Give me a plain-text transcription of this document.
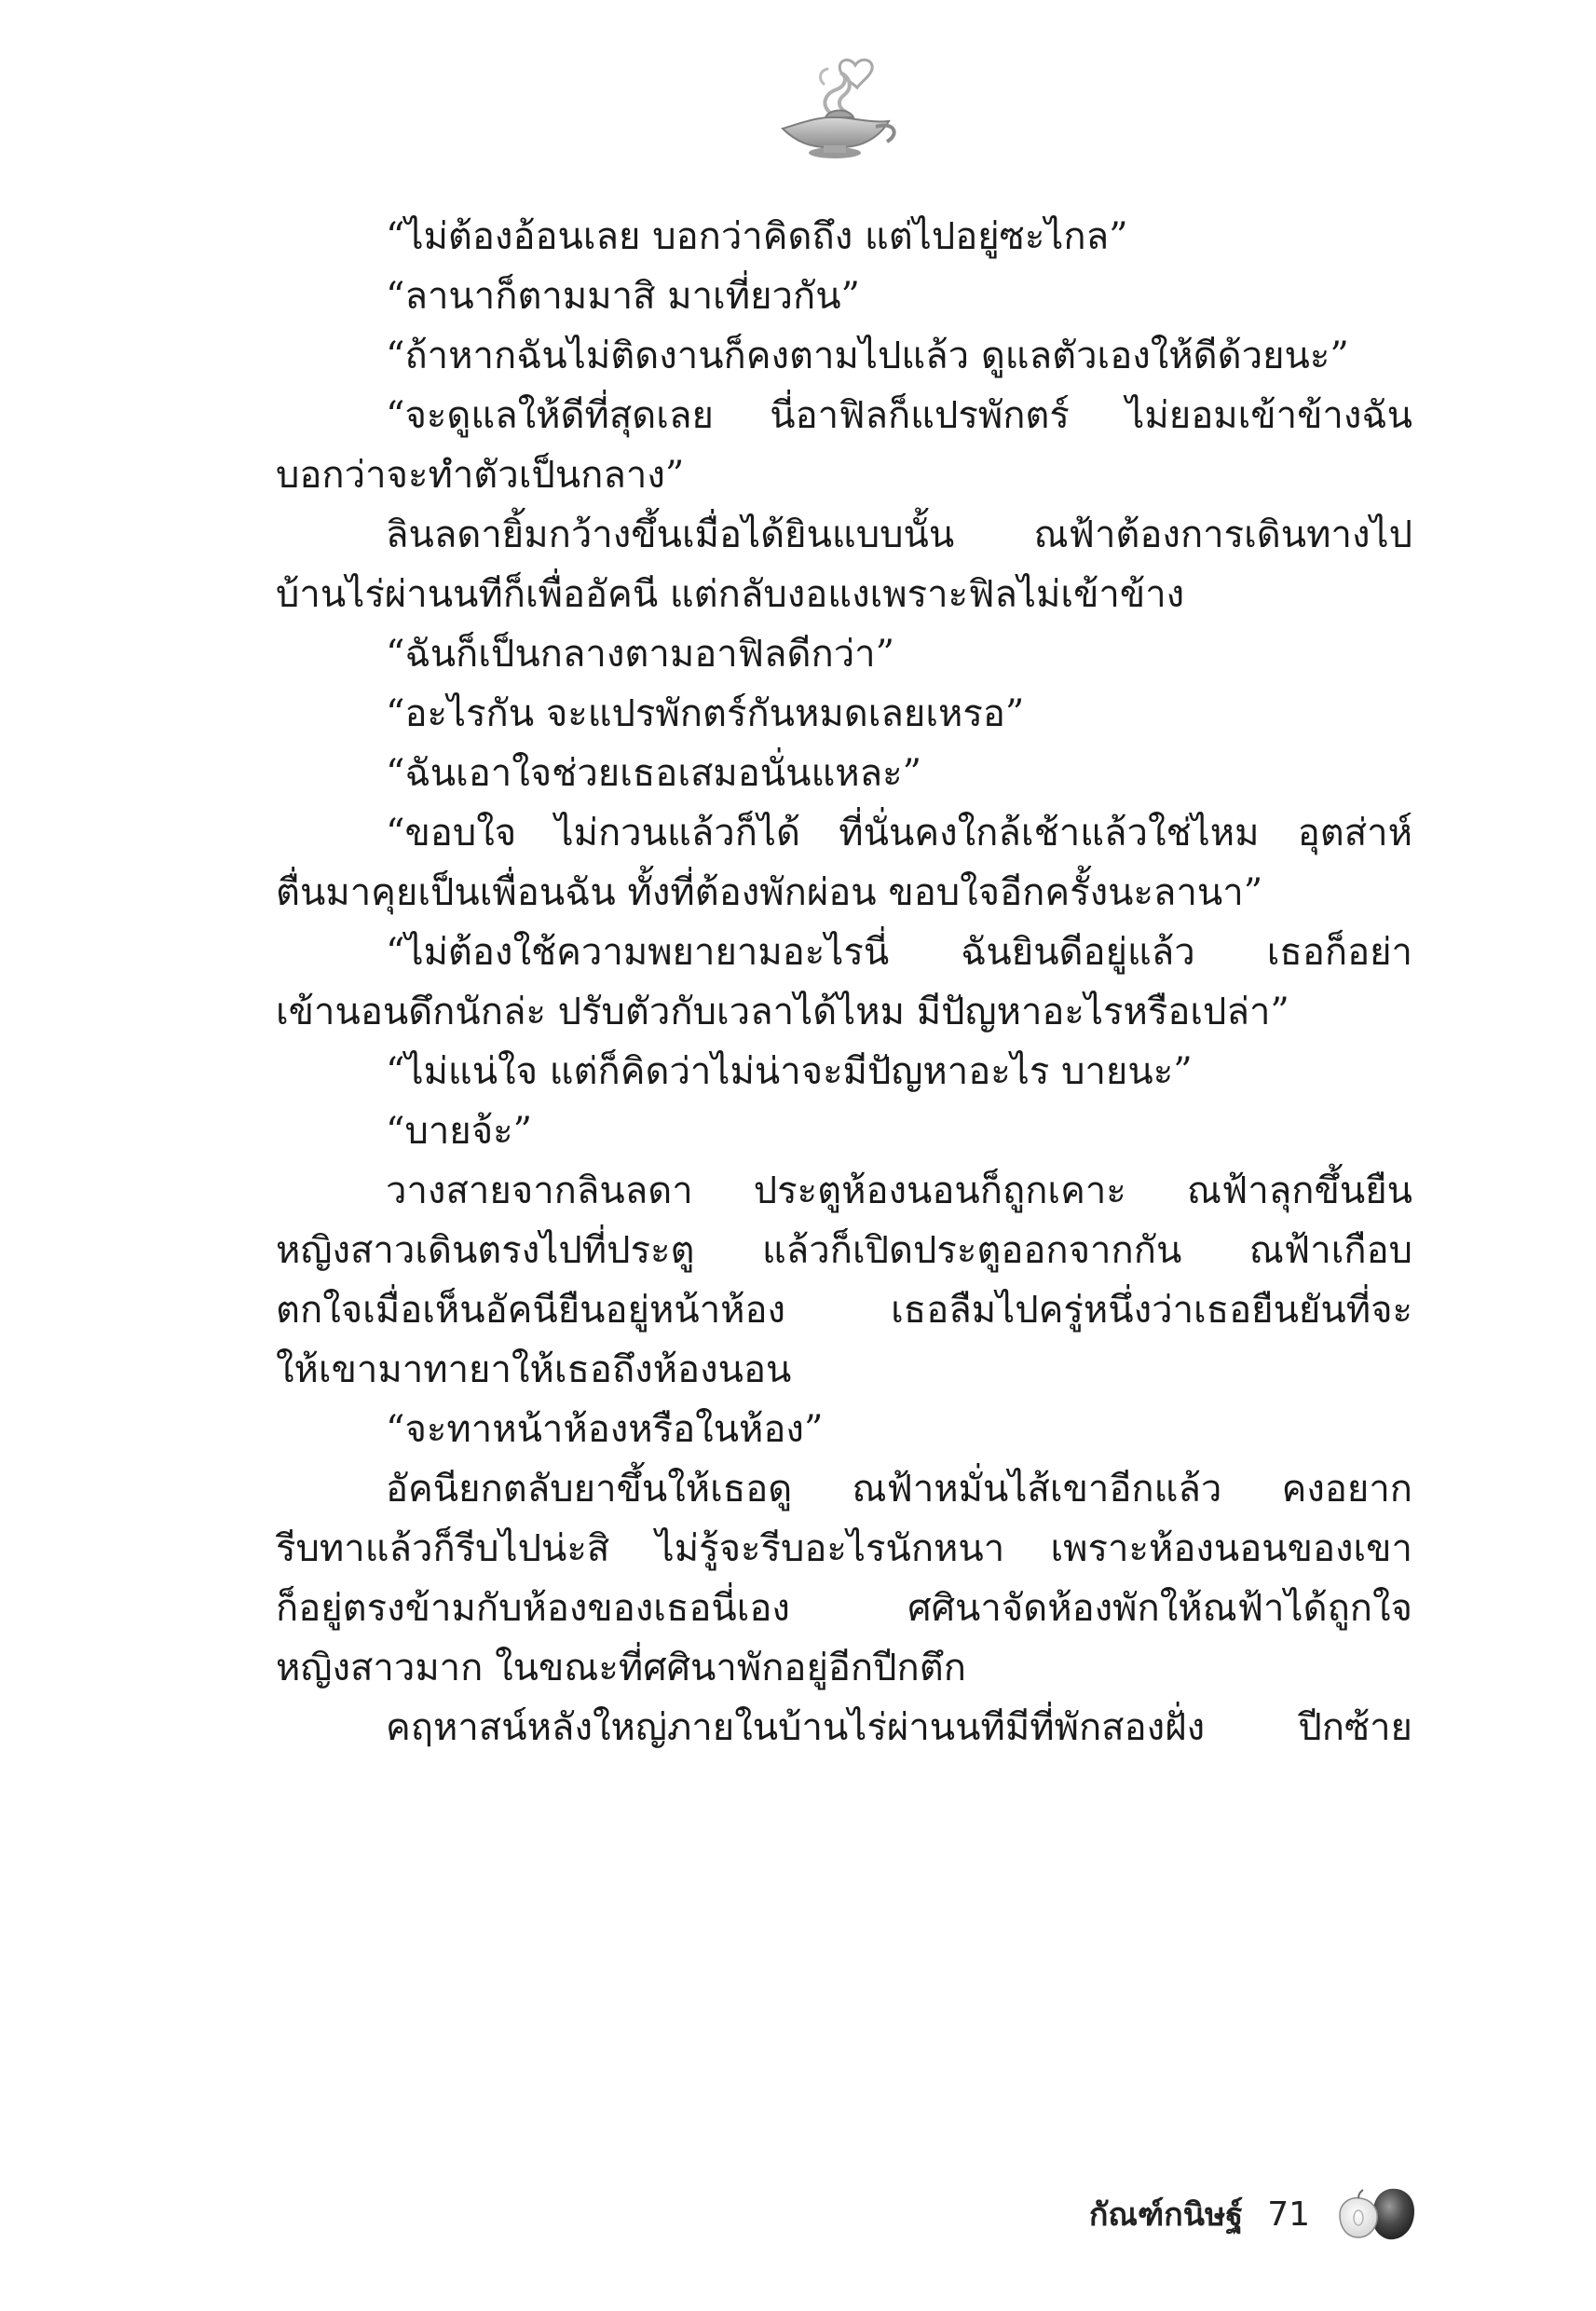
“ไม่ต้องอ้อนเลย บอกว่าคิดถึง แต่ไปอยู่ซะไกล”
“ลานาก็ตามมาสิ มาเที่ยวกัน”
“ถ้าหากฉันไม่ติดงานก็คงตามไปแล้ว ดูแลตัวเองให้ดีด้วยนะ”
“จะดูแลให้ดีที่สุดเลย นี่อาฟิลก็แปรพักตร์ ไม่ยอมเข้าข้างฉัน
บอกว่าจะทำตัวเป็นกลาง”
ลินลดายิ้มกว้างขึ้นเมื่อได้ยินแบบนั้น ณฟ้าต้องการเดินทางไป
บ้านไร่ผ่านนทีก็เพื่ออัคนี แต่กลับงอแงเพราะฟิลไม่เข้าข้าง
“ฉันก็เป็นกลางตามอาฟิลดีกว่า”
“อะไรกัน จะแปรพักตร์กันหมดเลยเหรอ”
“ฉันเอาใจช่วยเธอเสมอนั่นแหละ”
“ขอบใจ ไม่กวนแล้วก็ได้ ที่นั่นคงใกล้เช้าแล้วใช่ไหม อุตส่าห์
ตื่นมาคุยเป็นเพื่อนฉัน ทั้งที่ต้องพักผ่อน ขอบใจอีกครั้งนะลานา”
“ไม่ต้องใช้ความพยายามอะไรนี่ ฉันยินดีอยู่แล้ว เธอก็อย่า
เข้านอนดึกนักล่ะ ปรับตัวกับเวลาได้ไหม มีปัญหาอะไรหรือเปล่า”
“ไม่แน่ใจ แต่ก็คิดว่าไม่น่าจะมีปัญหาอะไร บายนะ”
“บายจ้ะ”
วางสายจากลินลดา ประตูห้องนอนก็ถูกเคาะ ณฟ้าลุกขึ้นยืน
หญิงสาวเดินตรงไปที่ประตู แล้วก็เปิดประตูออกจากกัน ณฟ้าเกือบ
ตกใจเมื่อเห็นอัคนียืนอยู่หน้าห้อง เธอลืมไปครู่หนึ่งว่าเธอยืนยันที่จะ
ให้เขามาทายาให้เธอถึงห้องนอน
“จะทาหน้าห้องหรือในห้อง”
อัคนียกตลับยาขึ้นให้เธอดู ณฟ้าหมั่นไส้เขาอีกแล้ว คงอยาก
รีบทาแล้วก็รีบไปน่ะสิ ไม่รู้จะรีบอะไรนักหนา เพราะห้องนอนของเขา
ก็อยู่ตรงข้ามกับห้องของเธอนี่เอง ศศินาจัดห้องพักให้ณฟ้าได้ถูกใจ
หญิงสาวมาก ในขณะที่ศศินาพักอยู่อีกปีกตึก
คฤหาสน์หลังใหญ่ภายในบ้านไร่ผ่านนทีมีที่พักสองฝั่ง ปีกซ้าย
กัณฑ์กนิษฐ์ 71
